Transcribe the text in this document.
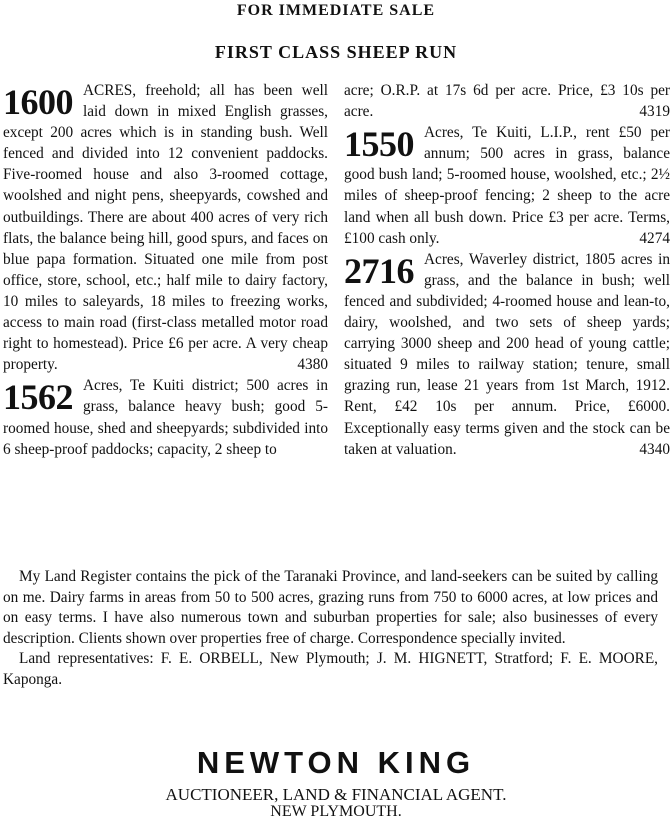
FOR IMMEDIATE SALE
FIRST CLASS SHEEP RUN

1600 ACRES, freehold; all has been well laid down in mixed English grasses, except 200 acres which is in standing bush. Well fenced and divided into 12 convenient paddocks. Five-roomed house and also 3-roomed cottage, woolshed and night pens, sheepyards, cowshed and outbuildings. There are about 400 acres of very rich flats, the balance being hill, good spurs, and faces on blue papa formation. Situated one mile from post office, store, school, etc.; half mile to dairy factory, 10 miles to saleyards, 18 miles to freezing works, access to main road (first-class metalled motor road right to homestead). Price £6 per acre. A very cheap property.	4380

1562 Acres, Te Kuiti district; 500 acres in grass, balance heavy bush; good 5-roomed house, shed and sheepyards; subdivided into 6 sheep-proof paddocks; capacity, 2 sheep to

acre; O.R.P. at 17s 6d per acre. Price, £3 10s per acre.	4319

1550 Acres, Te Kuiti, L.I.P., rent £50 per annum; 500 acres in grass, balance good bush land; 5-roomed house, woolshed, etc.; 2½ miles of sheep-proof fencing; 2 sheep to the acre land when all bush down. Price £3 per acre. Terms, £100 cash only.	4274

2716 Acres, Waverley district, 1805 acres in grass, and the balance in bush; well fenced and subdivided; 4-roomed house and lean-to, dairy, woolshed, and two sets of sheep yards; carrying 3000 sheep and 200 head of young cattle; situated 9 miles to railway station; tenure, small grazing run, lease 21 years from 1st March, 1912. Rent, £42 10s per annum. Price, £6000. Exceptionally easy terms given and the stock can be taken at valuation.	4340

My Land Register contains the pick of the Taranaki Province, and land-seekers can be suited by calling on me. Dairy farms in areas from 50 to 500 acres, grazing runs from 750 to 6000 acres, at low prices and on easy terms. I have also numerous town and suburban properties for sale; also businesses of every description. Clients shown over properties free of charge. Correspondence specially invited.

Land representatives: F. E. ORBELL, New Plymouth; J. M. HIGNETT, Stratford; F. E. MOORE, Kaponga.

NEWTON KING
AUCTIONEER, LAND & FINANCIAL AGENT.
NEW PLYMOUTH.
